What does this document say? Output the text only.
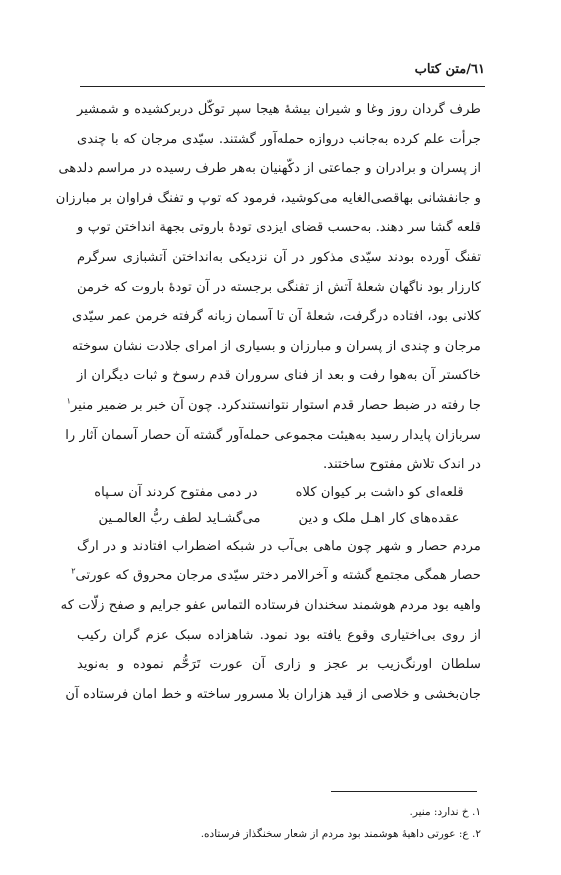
٦١/متن کتاب
طرف گردان روز وغا و شیران بیشهٔ هیجا سپر توکّل دربرکشیده و شمشیر
جرأت علم کرده به‌جانب دروازه حمله‌آور گشتند. سیّدی مرجان که با چندی
از پسران و برادران و جماعتی از دکّهنیان به‌هر طرف رسیده در مراسم دلدهی
و جانفشانی بهاقصی‌الغایه می‌کوشید، فرمود که توپ و تفنگ فراوان بر مبارزان
قلعه گشا سر دهند. به‌حسب قضای ایزدی تودهٔ باروتی بجهة انداختن توپ و
تفنگ آورده بودند سیّدی مذکور در آن نزدیکی به‌انداختن آتشبازی سرگرم
کارزار بود ناگهان شعلهٔ آتش از تفنگی برجسته در آن تودهٔ باروت که خرمن
کلانی بود، افتاده درگرفت، شعلهٔ آن تا آسمان زبانه گرفته خرمن عمر سیّدی
مرجان و چندی از پسران و مبارزان و بسیاری از امرای جلادت نشان سوخته
خاکستر آن به‌هوا رفت و بعد از فنای سروران قدم رسوخ و ثبات دیگران از
جا رفته در ضبط حصار قدم استوار نتوانستندکرد. چون آن خبر بر ضمیر منیر$^۱$
سربازان پایدار رسید به‌هیئت مجموعی حمله‌آور گشته آن حصار آسمان آثار را
در اندک تلاش مفتوح ساختند.
قلعه‌ای کو داشت بر کیوان کلاه
در دمی مفتوح کردند آن سـپاه
عقده‌های کار اهـل ملک و دین
می‌گشـاید لطف ربُّ العالمـین
مردم حصار و شهر چون ماهی بی‌آب در شبکه اضطراب افتادند و در ارگ
حصار همگی مجتمع گشته و آخرالامر دختر سیّدی مرجان محروق که عورتی$^۲$
واهیه بود مردم هوشمند سخندان فرستاده التماس عفو جرایم و صفح زلّات که
از روی بی‌اختیاری وقوع یافته بود نمود. شاهزاده سبک عزم گران رکیب
سلطان اورنگ‌زیب بر عجز و زاری آن عورت تَرَحُّم نموده و به‌نوید
جان‌بخشی و خلاصی از قید هزاران بلا مسرور ساخته و خط امان فرستاده آن
۱. خ ندارد: منیر.
۲. ع: عورتی داهیهٔ هوشمند بود مردم از شعار سخنگذاز فرستاده.
